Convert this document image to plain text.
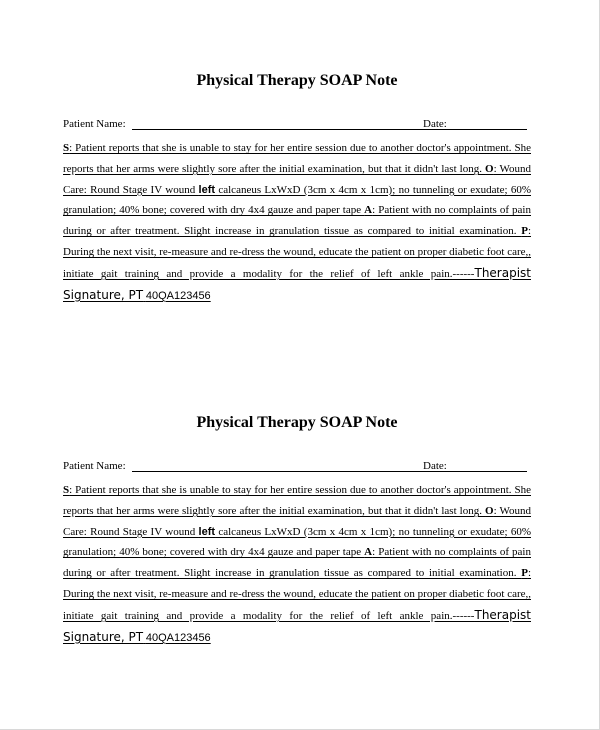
Physical Therapy SOAP Note
Patient Name:	Date:
S: Patient reports that she is unable to stay for her entire session due to another doctor's appointment. She reports that her arms were slightly sore after the initial examination, but that it didn't last long. O: Wound Care: Round Stage IV wound left calcaneus LxWxD (3cm x 4cm x 1cm); no tunneling or exudate; 60% granulation; 40% bone; covered with dry 4x4 gauze and paper tape A: Patient with no complaints of pain during or after treatment. Slight increase in granulation tissue as compared to initial examination. P: During the next visit, re-measure and re-dress the wound, educate the patient on proper diabetic foot care,, initiate gait training and provide a modality for the relief of left ankle pain.------Therapist Signature, PT 40QA123456
Physical Therapy SOAP Note
Patient Name:	Date:
S: Patient reports that she is unable to stay for her entire session due to another doctor's appointment. She reports that her arms were slightly sore after the initial examination, but that it didn't last long. O: Wound Care: Round Stage IV wound left calcaneus LxWxD (3cm x 4cm x 1cm); no tunneling or exudate; 60% granulation; 40% bone; covered with dry 4x4 gauze and paper tape A: Patient with no complaints of pain during or after treatment. Slight increase in granulation tissue as compared to initial examination. P: During the next visit, re-measure and re-dress the wound, educate the patient on proper diabetic foot care,, initiate gait training and provide a modality for the relief of left ankle pain.------Therapist Signature, PT 40QA123456
